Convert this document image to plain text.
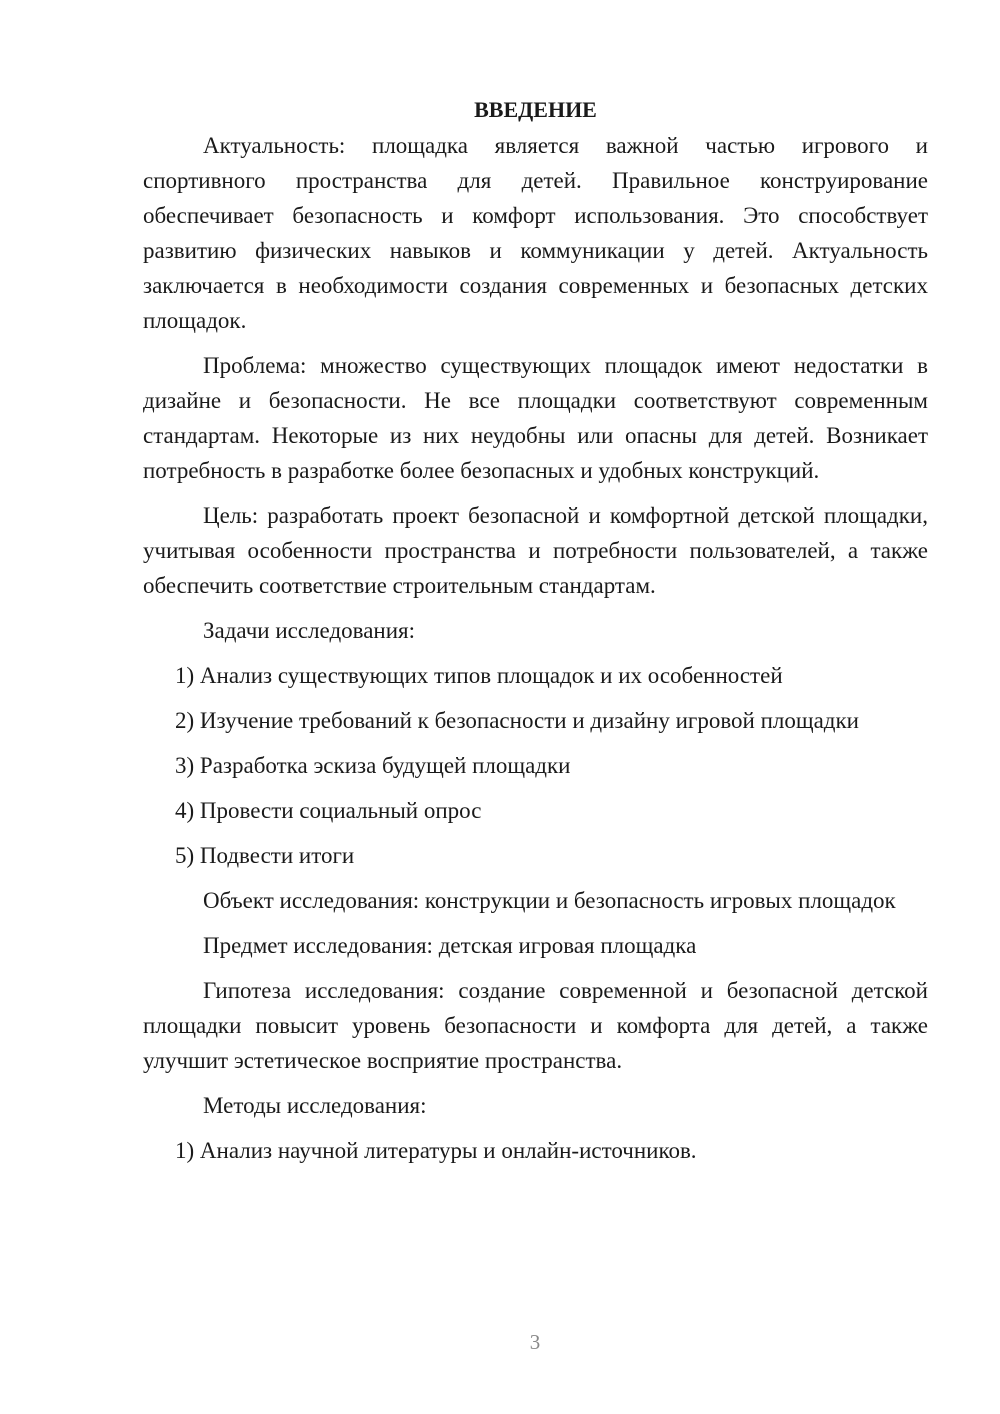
ВВЕДЕНИЕ

Актуальность: площадка является важной частью игрового и спортивного пространства для детей. Правильное конструирование обеспечивает безопасность и комфорт использования. Это способствует развитию физических навыков и коммуникации у детей. Актуальность заключается в необходимости создания современных и безопасных детских площадок.

Проблема: множество существующих площадок имеют недостатки в дизайне и безопасности. Не все площадки соответствуют современным стандартам. Некоторые из них неудобны или опасны для детей. Возникает потребность в разработке более безопасных и удобных конструкций.

Цель: разработать проект безопасной и комфортной детской площадки, учитывая особенности пространства и потребности пользователей, а также обеспечить соответствие строительным стандартам.

Задачи исследования:

1) Анализ существующих типов площадок и их особенностей

2) Изучение требований к безопасности и дизайну игровой площадки

3) Разработка эскиза будущей площадки

4) Провести социальный опрос

5) Подвести итоги

Объект исследования: конструкции и безопасность игровых площадок

Предмет исследования: детская игровая площадка

Гипотеза исследования: создание современной и безопасной детской площадки повысит уровень безопасности и комфорта для детей, а также улучшит эстетическое восприятие пространства.

Методы исследования:

1) Анализ научной литературы и онлайн-источников.

3
